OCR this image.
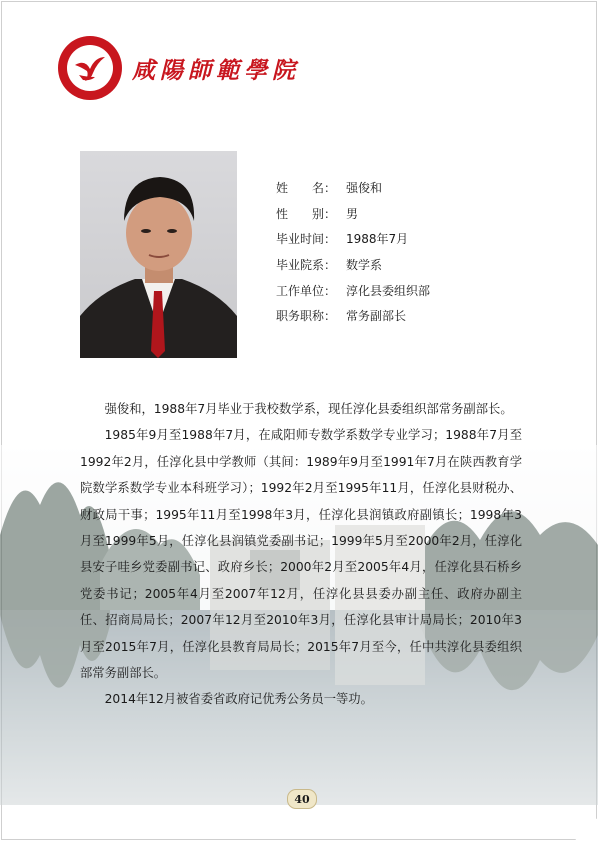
1978
咸陽師範學院
姓　　名： 强俊和
性　　别： 男
毕业时间： 1988年7月
毕业院系： 数学系
工作单位： 淳化县委组织部
职务职称： 常务副部长

强俊和，1988年7月毕业于我校数学系，现任淳化县委组织部常务副部长。

1985年9月至1988年7月，在咸阳师专数学系数学专业学习；1988年7月至1992年2月，任淳化县中学教师（其间：1989年9月至1991年7月在陕西教育学院数学系数学专业本科班学习）；1992年2月至1995年11月，任淳化县财税办、财政局干事；1995年11月至1998年3月，任淳化县润镇政府副镇长；1998年3月至1999年5月，任淳化县润镇党委副书记；1999年5月至2000年2月，任淳化县安子哇乡党委副书记、政府乡长；2000年2月至2005年4月，任淳化县石桥乡党委书记；2005年4月至2007年12月，任淳化县县委办副主任、政府办副主任、招商局局长；2007年12月至2010年3月，任淳化县审计局局长；2010年3月至2015年7月，任淳化县教育局局长；2015年7月至今，任中共淳化县委组织部常务副部长。

2014年12月被省委省政府记优秀公务员一等功。

40
